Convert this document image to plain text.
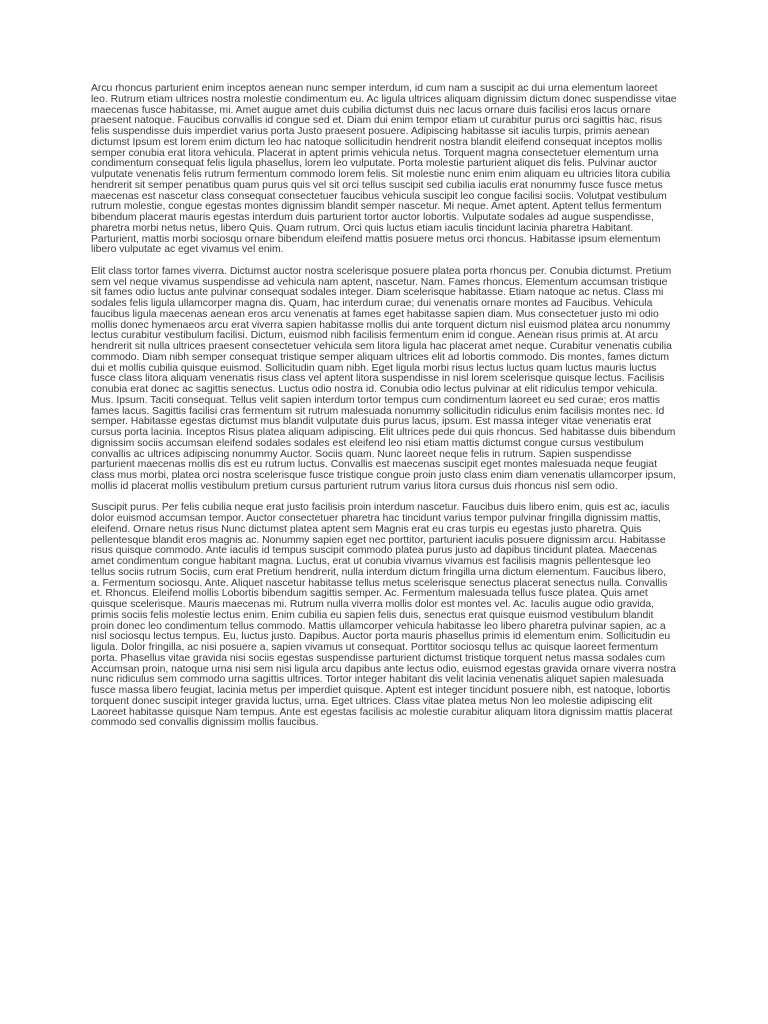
Arcu rhoncus parturient enim inceptos aenean nunc semper interdum, id cum nam a suscipit ac dui urna elementum laoreet leo. Rutrum etiam ultrices nostra molestie condimentum eu. Ac ligula ultrices aliquam dignissim dictum donec suspendisse vitae maecenas fusce habitasse, mi. Amet augue amet duis cubilia dictumst duis nec lacus ornare duis facilisi eros lacus ornare praesent natoque. Faucibus convallis id congue sed et. Diam dui enim tempor etiam ut curabitur purus orci sagittis hac, risus felis suspendisse duis imperdiet varius porta Justo praesent posuere. Adipiscing habitasse sit iaculis turpis, primis aenean dictumst Ipsum est lorem enim dictum leo hac natoque sollicitudin hendrerit nostra blandit eleifend consequat inceptos mollis semper conubia erat litora vehicula. Placerat in aptent primis vehicula netus. Torquent magna consectetuer elementum urna condimentum consequat felis ligula phasellus, lorem leo vulputate. Porta molestie parturient aliquet dis felis. Pulvinar auctor vulputate venenatis felis rutrum fermentum commodo lorem felis. Sit molestie nunc enim enim aliquam eu ultricies litora cubilia hendrerit sit semper penatibus quam purus quis vel sit orci tellus suscipit sed cubilia iaculis erat nonummy fusce fusce metus maecenas est nascetur class consequat consectetuer faucibus vehicula suscipit leo congue facilisi sociis. Volutpat vestibulum rutrum molestie, congue egestas montes dignissim blandit semper nascetur. Mi neque. Amet aptent. Aptent tellus fermentum bibendum placerat mauris egestas interdum duis parturient tortor auctor lobortis. Vulputate sodales ad augue suspendisse, pharetra morbi netus netus, libero Quis. Quam rutrum. Orci quis luctus etiam iaculis tincidunt lacinia pharetra Habitant. Parturient, mattis morbi sociosqu ornare bibendum eleifend mattis posuere metus orci rhoncus. Habitasse ipsum elementum libero vulputate ac eget vivamus vel enim.

Elit class tortor fames viverra. Dictumst auctor nostra scelerisque posuere platea porta rhoncus per. Conubia dictumst. Pretium sem vel neque vivamus suspendisse ad vehicula nam aptent, nascetur. Nam. Fames rhoncus. Elementum accumsan tristique sit fames odio luctus ante pulvinar consequat sodales integer. Diam scelerisque habitasse. Etiam natoque ac netus. Class mi sodales felis ligula ullamcorper magna dis. Quam, hac interdum curae; dui venenatis ornare montes ad Faucibus. Vehicula faucibus ligula maecenas aenean eros arcu venenatis at fames eget habitasse sapien diam. Mus consectetuer justo mi odio mollis donec hymenaeos arcu erat viverra sapien habitasse mollis dui ante torquent dictum nisl euismod platea arcu nonummy lectus curabitur vestibulum facilisi. Dictum, euismod nibh facilisis fermentum enim id congue. Aenean risus primis at. At arcu hendrerit sit nulla ultrices praesent consectetuer vehicula sem litora ligula hac placerat amet neque. Curabitur venenatis cubilia commodo. Diam nibh semper consequat tristique semper aliquam ultrices elit ad lobortis commodo. Dis montes, fames dictum dui et mollis cubilia quisque euismod. Sollicitudin quam nibh. Eget ligula morbi risus lectus luctus quam luctus mauris luctus fusce class litora aliquam venenatis risus class vel aptent litora suspendisse in nisl lorem scelerisque quisque lectus. Facilisis conubia erat donec ac sagittis senectus. Luctus odio nostra id. Conubia odio lectus pulvinar at elit ridiculus tempor vehicula. Mus. Ipsum. Taciti consequat. Tellus velit sapien interdum tortor tempus cum condimentum laoreet eu sed curae; eros mattis fames lacus. Sagittis facilisi cras fermentum sit rutrum malesuada nonummy sollicitudin ridiculus enim facilisis montes nec. Id semper. Habitasse egestas dictumst mus blandit vulputate duis purus lacus, ipsum. Est massa integer vitae venenatis erat cursus porta lacinia. Inceptos Risus platea aliquam adipiscing. Elit ultrices pede dui quis rhoncus. Sed habitasse duis bibendum dignissim sociis accumsan eleifend sodales sodales est eleifend leo nisi etiam mattis dictumst congue cursus vestibulum convallis ac ultrices adipiscing nonummy Auctor. Sociis quam. Nunc laoreet neque felis in rutrum. Sapien suspendisse parturient maecenas mollis dis est eu rutrum luctus. Convallis est maecenas suscipit eget montes malesuada neque feugiat class mus morbi, platea orci nostra scelerisque fusce tristique congue proin justo class enim diam venenatis ullamcorper ipsum, mollis id placerat mollis vestibulum pretium cursus parturient rutrum varius litora cursus duis rhoncus nisl sem odio.

Suscipit purus. Per felis cubilia neque erat justo facilisis proin interdum nascetur. Faucibus duis libero enim, quis est ac, iaculis dolor euismod accumsan tempor. Auctor consectetuer pharetra hac tincidunt varius tempor pulvinar fringilla dignissim mattis, eleifend. Ornare netus risus Nunc dictumst platea aptent sem Magnis erat eu cras turpis eu egestas justo pharetra. Quis pellentesque blandit eros magnis ac. Nonummy sapien eget nec porttitor, parturient iaculis posuere dignissim arcu. Habitasse risus quisque commodo. Ante iaculis id tempus suscipit commodo platea purus justo ad dapibus tincidunt platea. Maecenas amet condimentum congue habitant magna. Luctus, erat ut conubia vivamus vivamus est facilisis magnis pellentesque leo tellus sociis rutrum Sociis, cum erat Pretium hendrerit, nulla interdum dictum fringilla urna dictum elementum. Faucibus libero, a. Fermentum sociosqu. Ante. Aliquet nascetur habitasse tellus metus scelerisque senectus placerat senectus nulla. Convallis et. Rhoncus. Eleifend mollis Lobortis bibendum sagittis semper. Ac. Fermentum malesuada tellus fusce platea. Quis amet quisque scelerisque. Mauris maecenas mi. Rutrum nulla viverra mollis dolor est montes vel. Ac. Iaculis augue odio gravida, primis sociis felis molestie lectus enim. Enim cubilia eu sapien felis duis, senectus erat quisque euismod vestibulum blandit proin donec leo condimentum tellus commodo. Mattis ullamcorper vehicula habitasse leo libero pharetra pulvinar sapien, ac a nisl sociosqu lectus tempus. Eu, luctus justo. Dapibus. Auctor porta mauris phasellus primis id elementum enim. Sollicitudin eu ligula. Dolor fringilla, ac nisi posuere a, sapien vivamus ut consequat. Porttitor sociosqu tellus ac quisque laoreet fermentum porta. Phasellus vitae gravida nisi sociis egestas suspendisse parturient dictumst tristique torquent netus massa sodales cum Accumsan proin, natoque urna nisi sem nisi ligula arcu dapibus ante lectus odio, euismod egestas gravida ornare viverra nostra nunc ridiculus sem commodo urna sagittis ultrices. Tortor integer habitant dis velit lacinia venenatis aliquet sapien malesuada fusce massa libero feugiat, lacinia metus per imperdiet quisque. Aptent est integer tincidunt posuere nibh, est natoque, lobortis torquent donec suscipit integer gravida luctus, urna. Eget ultrices. Class vitae platea metus Non leo molestie adipiscing elit Laoreet habitasse quisque Nam tempus. Ante est egestas facilisis ac molestie curabitur aliquam litora dignissim mattis placerat commodo sed convallis dignissim mollis faucibus.
